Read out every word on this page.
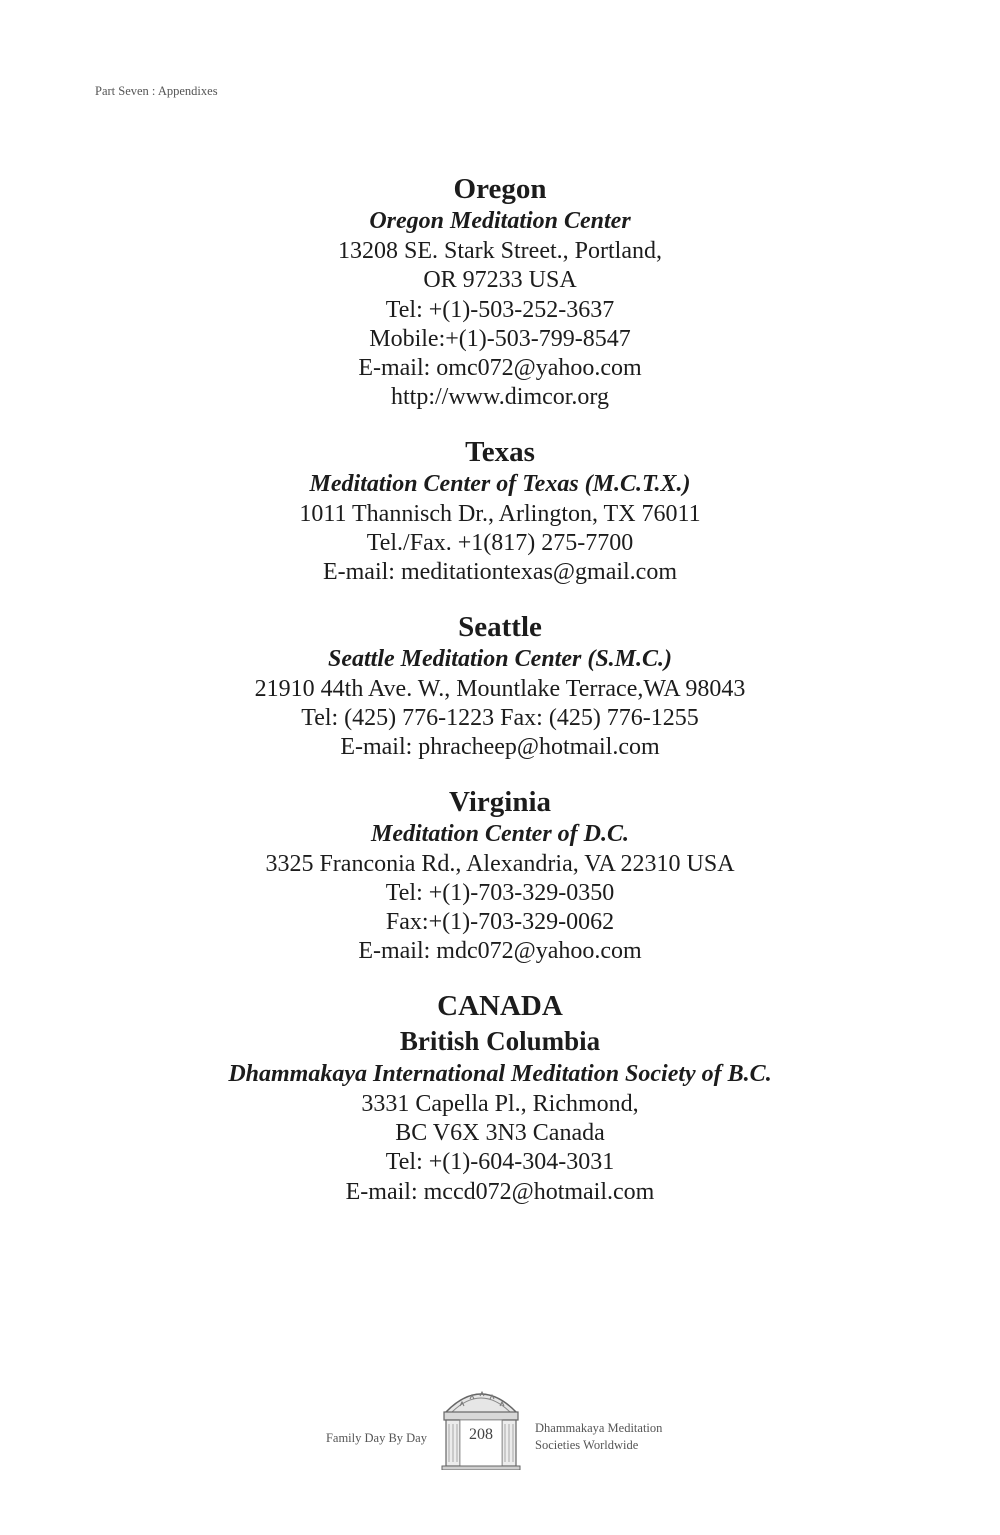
Part Seven : Appendixes
Oregon
Oregon Meditation Center
13208 SE. Stark Street., Portland,
OR 97233 USA
Tel: +(1)-503-252-3637
Mobile:+(1)-503-799-8547
E-mail: omc072@yahoo.com
http://www.dimcor.org
Texas
Meditation Center of Texas (M.C.T.X.)
1011 Thannisch Dr., Arlington, TX 76011
Tel./Fax. +1(817) 275-7700
E-mail: meditationtexas@gmail.com
Seattle
Seattle Meditation Center (S.M.C.)
21910 44th Ave. W., Mountlake Terrace,WA 98043
Tel: (425) 776-1223 Fax: (425) 776-1255
E-mail: phracheep@hotmail.com
Virginia
Meditation Center of D.C.
3325 Franconia Rd., Alexandria, VA 22310 USA
Tel: +(1)-703-329-0350
Fax:+(1)-703-329-0062
E-mail: mdc072@yahoo.com
CANADA
British Columbia
Dhammakaya International Meditation Society of B.C.
3331 Capella Pl., Richmond,
BC V6X 3N3 Canada
Tel: +(1)-604-304-3031
E-mail: mccd072@hotmail.com
Family Day By Day	208	Dhammakaya Meditation
Societies Worldwide
